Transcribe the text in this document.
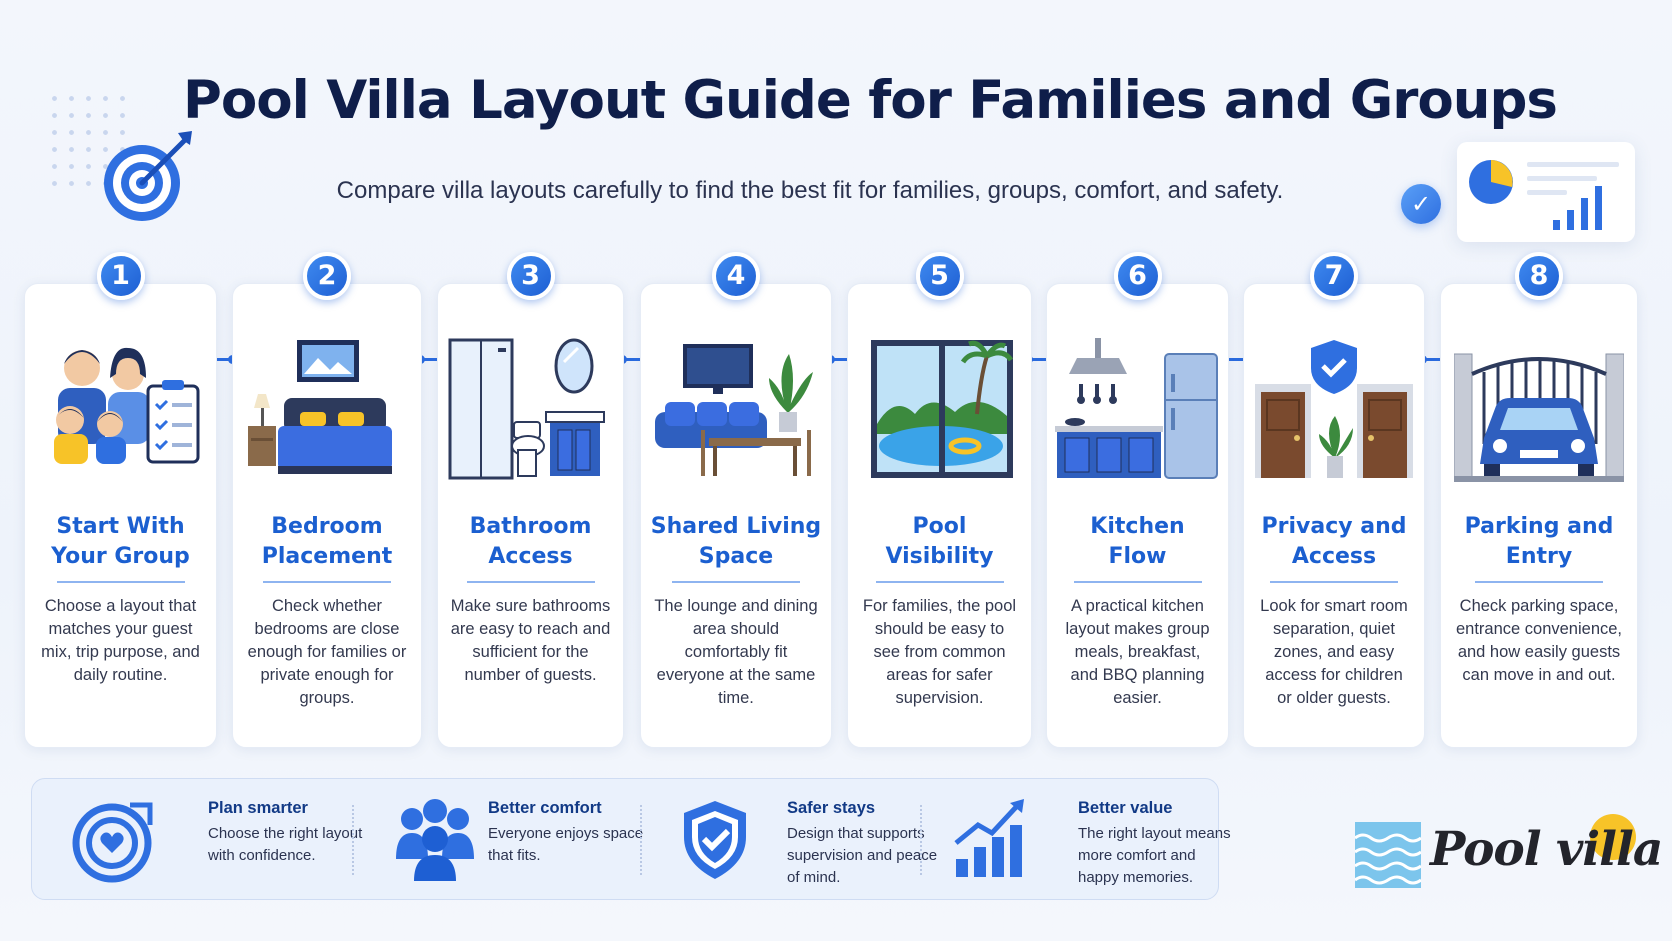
Pool Villa Layout Guide for Families and Groups
Compare villa layouts carefully to find the best fit for families, groups, comfort, and safety.	✓
1
Start With
Your Group
Choose a layout that matches your guest mix, trip purpose, and daily routine.
2
Bedroom
Placement
Check whether bedrooms are close enough for families or private enough for groups.
3
Bathroom
Access
Make sure bathrooms are easy to reach and sufficient for the number of guests.
4
Shared Living
Space
The lounge and dining area should comfortably fit everyone at the same time.
5
Pool
Visibility
For families, the pool should be easy to see from common areas for safer supervision.
6
Kitchen
Flow
A practical kitchen layout makes group meals, breakfast, and BBQ planning easier.
7
Privacy and
Access
Look for smart room separation, quiet zones, and easy access for children or older guests.
8
Parking and
Entry
Check parking space, entrance convenience, and how easily guests can move in and out.
Plan smarter
Choose the right layout with confidence.
Better comfort
Everyone enjoys space that fits.
Safer stays
Design that supports supervision and peace of mind.
Better value
The right layout means more comfort and happy memories.
Pool villa
